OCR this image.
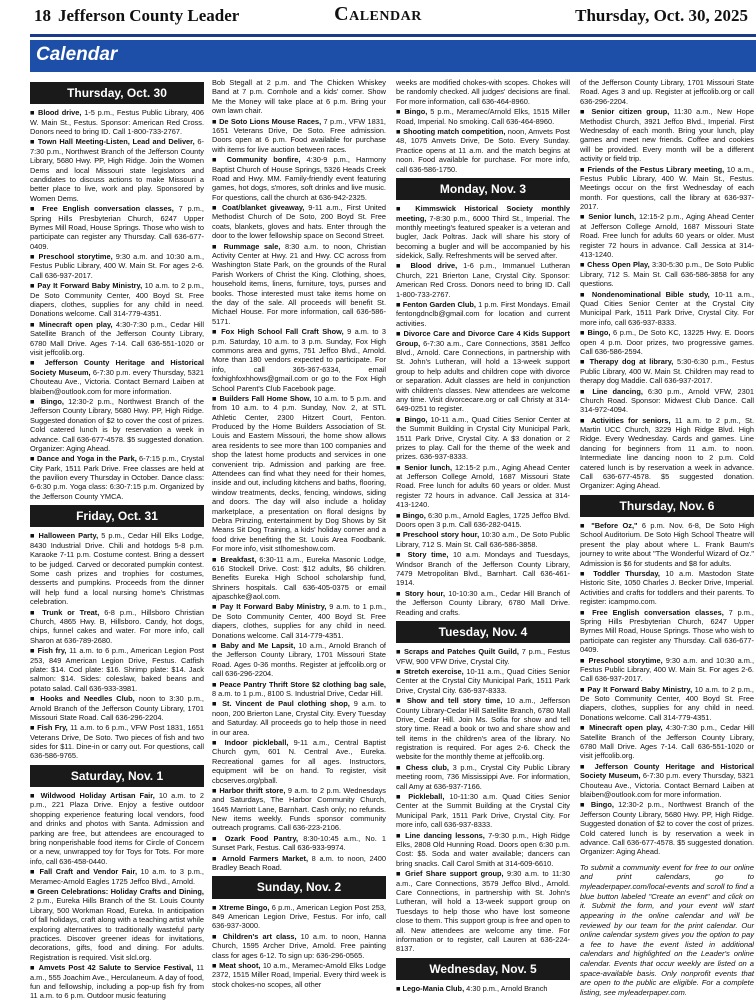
18 Jefferson County Leader	Calendar	Thursday, Oct. 30, 2025
Calendar
Thursday, Oct. 30

■ Blood drive, 1-5 p.m., Festus Public Library, 406 W. Main St., Festus. Sponsor: American Red Cross. Donors need to bring ID. Call 1-800-733-2767.

■ Town Hall Meeting-Listen, Lead and Deliver, 6-7:30 p.m., Northwest Branch of the Jefferson County Library, 5680 Hwy. PP, High Ridge. Join the Women Dems and local Missouri state legislators and candidates to discuss actions to make Missouri a better place to live, work and play. Sponsored by Women Dems.

■ Free English conversation classes, 7 p.m., Spring Hills Presbyterian Church, 6247 Upper Byrnes Mill Road, House Springs. Those who wish to participate can register any Thursday. Call 636-677-0409.

■ Preschool storytime, 9:30 a.m. and 10:30 a.m., Festus Public Library, 400 W. Main St. For ages 2-6. Call 636-937-2017.

■ Pay It Forward Baby Ministry, 10 a.m. to 2 p.m., De Soto Community Center, 400 Boyd St. Free diapers, clothes, supplies for any child in need. Donations welcome. Call 314-779-4351.

■ Minecraft open play, 4:30-7:30 p.m., Cedar Hill Satellite Branch of the Jefferson County Library, 6780 Mall Drive. Ages 7-14. Call 636-551-1020 or visit jeffcolib.org.

■ Jefferson County Heritage and Historical Society Museum, 6-7:30 p.m. every Thursday, 5321 Chouteau Ave., Victoria. Contact Bernard Laiben at blaiben@outlook.com for more information.

■ Bingo, 12:30-2 p.m., Northwest Branch of the Jefferson County Library, 5680 Hwy. PP, High Ridge. Suggested donation of $2 to cover the cost of prizes. Cold catered lunch is by reservation a week in advance. Call 636-677-4578. $5 suggested donation. Organizer: Aging Ahead.

■ Dance and Yoga in the Park, 6-7:15 p.m., Crystal City Park, 1511 Park Drive. Free classes are held at the pavilion every Thursday in October. Dance class: 6-6:30 p.m. Yoga class: 6:30-7:15 p.m. Organized by the Jefferson County YMCA.

Friday, Oct. 31

■ Halloween Party, 5 p.m., Cedar Hill Elks Lodge, 8430 Industrial Drive. Chili and hotdogs 5-8 p.m. Karaoke 7-11 p.m. Costume contest. Bring a dessert to be judged. Carved or decorated pumpkin contest. Some cash prizes and trophies for costumes, desserts and pumpkins. Proceeds from the dinner will help fund a local nursing home's Christmas celebration.

■ Trunk or Treat, 6-8 p.m., Hillsboro Christian Church, 4865 Hwy. B, Hillsboro. Candy, hot dogs, chips, funnel cakes and water. For more info, call Sharon at 636-789-2680.

■ Fish fry, 11 a.m. to 6 p.m., American Legion Post 253, 849 American Legion Drive, Festus. Catfish plate: $14. Cod plate: $16. Shrimp plate: $14. Jack salmon: $14. Sides: coleslaw, baked beans and potato salad. Call 636-933-3981.

■ Hooks and Needles Club, noon to 3:30 p.m., Arnold Branch of the Jefferson County Library, 1701 Missouri State Road. Call 636-296-2204.

■ Fish Fry, 11 a.m. to 6 p.m., VFW Post 1831, 1651 Veterans Drive, De Soto. Two pieces of fish and two sides for $11. Dine-in or carry out. For questions, call 636-586-9765.

Saturday, Nov. 1

■ Wildwood Holiday Artisan Fair, 10 a.m. to 2 p.m., 221 Plaza Drive. Enjoy a festive outdoor shopping experience featuring local vendors, food and drinks and photos with Santa. Admission and parking are free, but attendees are encouraged to bring nonperishable food items for Circle of Concern or a new, unwrapped toy for Toys for Tots. For more info, call 636-458-0440.

■ Fall Craft and Vendor Fair, 10 a.m. to 3 p.m., Meramec-Arnold Eagles 1725 Jeffco Blvd., Arnold.

■ Green Celebrations: Holiday Crafts and Dining, 2 p.m., Eureka Hills Branch of the St. Louis County Library, 500 Workman Road, Eureka. In anticipation of fall holidays, craft along with a teaching artist while exploring alternatives to traditionally wasteful party practices. Discover greener ideas for invitations, decorations, gifts, food and dining. For adults. Registration is required. Visit slcl.org.

■ Amvets Post 42 Salute to Service Festival, 11 a.m., 555 Joachim Ave., Herculaneum. A day of food, fun and fellowship, including a pop-up fish fry from 11 a.m. to 6 p.m. Outdoor music featuring

Bob Stegall at 2 p.m. and The Chicken Whiskey Band at 7 p.m. Cornhole and a kids' corner. Show Me the Money will take place at 6 p.m. Bring your own lawn chair.

■ De Soto Lions Mouse Races, 7 p.m., VFW 1831, 1651 Veterans Drive, De Soto. Free admission. Doors open at 6 p.m. Food available for purchase with items for live auction between races.

■ Community bonfire, 4:30-9 p.m., Harmony Baptist Church of House Springs, 5326 Heads Creek Road and Hwy. MM. Family-friendly event featuring games, hot dogs, s'mores, soft drinks and live music. For questions, call the church at 636-942-2325.

■ Coat/blanket giveaway, 9-11 a.m., First United Methodist Church of De Soto, 200 Boyd St. Free coats, blankets, gloves and hats. Enter through the door to the lower fellowship space on Second Street.

■ Rummage sale, 8:30 a.m. to noon, Christian Activity Center at Hwy. 21 and Hwy. CC across from Washington State Park, on the grounds of the Rural Parish Workers of Christ the King. Clothing, shoes, household items, linens, furniture, toys, purses and books. Those interested must take items home on the day of the sale. All proceeds will benefit St. Michael House. For more information, call 636-586-5171.

■ Fox High School Fall Craft Show, 9 a.m. to 3 p.m. Saturday, 10 a.m. to 3 p.m. Sunday, Fox High commons area and gyms, 751 Jeffco Blvd., Arnold. More than 180 vendors expected to participate. For info, call 365-367-6334, email foxhighfoxhhows@gmail.com or go to the Fox High School Parent's Club Facebook page.

■ Builders Fall Home Show, 10 a.m. to 5 p.m. and from 10 a.m. to 4 p.m. Sunday, Nov. 2, at STL Athletic Center, 2300 Hitzert Court, Fenton. Produced by the Home Builders Association of St. Louis and Eastern Missouri, the home show allows area residents to see more than 100 companies and shop the latest home products and services in one convenient trip. Admission and parking are free. Attendees can find what they need for their homes, inside and out, including kitchens and baths, flooring, window treatments, decks, fencing, windows, siding and doors. The day will also include a holiday marketplace, a presentation on floral designs by Debra Prinzing, entertainment by Dog Shows by Sit Means Sit Dog Training, a kids' holiday corner and a food drive benefiting the St. Louis Area Foodbank. For more info, visit stlhomeshow.com.

■ Breakfast, 6:30-11 a.m., Eureka Masonic Lodge, 616 Stockell Drive. Cost: $12 adults, $6 children. Benefits Eureka High School scholarship fund, Shriners hospitals. Call 636-405-0375 or email ajpaschke@aol.com.

■ Pay It Forward Baby Ministry, 9 a.m. to 1 p.m., De Soto Community Center, 400 Boyd St. Free diapers, clothes, supplies for any child in need. Donations welcome. Call 314-779-4351.

■ Baby and Me Lapsit, 10 a.m., Arnold Branch of the Jefferson County Library, 1701 Missouri State Road. Ages 0-36 months. Register at jeffcolib.org or call 636-296-2204.

■ Peace Pantry Thrift Store $2 clothing bag sale, 8 a.m. to 1 p.m., 8100 S. Industrial Drive, Cedar Hill.

■ St. Vincent de Paul clothing shop, 9 a.m. to noon, 200 Brierton Lane, Crystal City. Every Tuesday and Saturday. All proceeds go to help those in need in our area.

■ Indoor pickleball, 9-11 a.m., Central Baptist Church gym, 601 N. Central Ave., Eureka. Recreational games for all ages. Instructors, equipment will be on hand. To register, visit cbcserves.org/pball.

■ Harbor thrift store, 9 a.m. to 2 p.m. Wednesdays and Saturdays, The Harbor Community Church, 1645 Marriott Lane, Barnhart. Cash only; no refunds. New items weekly. Funds sponsor community outreach programs. Call 636-223-2106.

■ Ozark Food Pantry, 8:30-10:45 a.m., No. 1 Sunset Park, Festus. Call 636-933-9974.

■ Arnold Farmers Market, 8 a.m. to noon, 2400 Bradley Beach Road.

Sunday, Nov. 2

■ Xtreme Bingo, 6 p.m., American Legion Post 253, 849 American Legion Drive, Festus. For info, call 636-937-3000.

■ Children's art class, 10 a.m. to noon, Hanna Church, 1595 Archer Drive, Arnold. Free painting class for ages 6-12. To sign up: 636-296-0565.

■ Meat shoot, 10 a.m., Meramec-Arnold Elks Lodge 2372, 1515 Miller Road, Imperial. Every third week is stock chokes-no scopes, all other

weeks are modified chokes-with scopes. Chokes will be randomly checked. All judges' decisions are final. For more information, call 636-464-8960.

■ Bingo, 5 p.m., Meramec/Arnold Elks, 1515 Miller Road, Imperial. No smoking. Call 636-464-8960.

■ Shooting match competition, noon, Amvets Post 48, 1075 Amvets Drive, De Soto. Every Sunday. Practice opens at 11 a.m. and the match begins at noon. Food available for purchase. For more info, call 636-586-1750.

Monday, Nov. 3

■ Kimmswick Historical Society monthly meeting, 7-8:30 p.m., 6000 Third St., Imperial. The monthly meeting's featured speaker is a veteran and bugler, Jack Poltras. Jack will share his story of becoming a bugler and will be accompanied by his sidekick, Sally. Refreshments will be served after.

■ Blood drive, 1-6 p.m., Immanuel Lutheran Church, 221 Brierton Lane, Crystal City. Sponsor: American Red Cross. Donors need to bring ID. Call 1-800-733-2767.

■ Fenton Garden Club, 1 p.m. First Mondays. Email fentongdnclb@gmail.com for location and current activities.

■ Divorce Care and Divorce Care 4 Kids Support Group, 6-7:30 a.m., Care Connections, 3581 Jeffco Blvd., Arnold. Care Connections, in partnership with St. John's Lutheran, will hold a 13-week support group to help adults and children cope with divorce or separation. Adult classes are held in conjunction with children's classes. New attendees are welcome any time. Visit divorcecare.org or call Christy at 314-649-0251 to register.

■ Bingo, 10-11 a.m., Quad Cities Senior Center at the Summit Building in Crystal City Municipal Park, 1511 Park Drive, Crystal City. A $3 donation or 2 prizes to play. Call for the theme of the week and prizes. 636-937-8333.

■ Senior lunch, 12:15-2 p.m., Aging Ahead Center at Jefferson College Arnold, 1687 Missouri State Road. Free lunch for adults 60 years or older. Must register 72 hours in advance. Call Jessica at 314-413-1240.

■ Bingo, 6:30 p.m., Arnold Eagles, 1725 Jeffco Blvd. Doors open 3 p.m. Call 636-282-0415.

■ Preschool story hour, 10:30 a.m., De Soto Public Library, 712 S. Main St. Call 636-586-3858.

■ Story time, 10 a.m. Mondays and Tuesdays, Windsor Branch of the Jefferson County Library, 7479 Metropolitan Blvd., Barnhart. Call 636-461-1914.

■ Story hour, 10-10:30 a.m., Cedar Hill Branch of the Jefferson County Library, 6780 Mall Drive. Reading and crafts.

Tuesday, Nov. 4

■ Scraps and Patches Quilt Guild, 7 p.m., Festus VFW, 900 VFW Drive, Crystal City.

■ Stretch exercise, 10-11 a.m., Quad Cities Senior Center at the Crystal City Municipal Park, 1511 Park Drive, Crystal City. 636-937-8333.

■ Show and tell story time, 10 a.m., Jefferson County Library-Cedar Hill Satellite Branch, 6780 Mall Drive, Cedar Hill. Join Ms. Sofia for show and tell story time. Read a book or two and share show and tell items in the children's area of the library. No registration is required. For ages 2-6. Check the website for the monthly theme at jeffcolib.org.

■ Chess club, 3 p.m., Crystal City Public Library meeting room, 736 Mississippi Ave. For information, call Amy at 636-937-7166.

■ Pickleball, 10-11:30 a.m. Quad Cities Senior Center at the Summit Building at the Crystal City Municipal Park, 1511 Park Drive, Crystal City. For more info, call 636-937-8333.

■ Line dancing lessons, 7-9:30 p.m., High Ridge Elks, 2808 Old Hunning Road. Doors open 6:30 p.m. Cost: $5. Soda and water available; dancers can bring snacks. Call Carol Smith at 314-609-6610.

■ Grief Share support group, 9:30 a.m. to 11:30 a.m., Care Connections, 3579 Jeffco Blvd., Arnold. Care Connections, in partnership with St. John's Lutheran, will hold a 13-week support group on Tuesdays to help those who have lost someone close to them. This support group is free and open to all. New attendees are welcome any time. For information or to register, call Lauren at 636-224-8137.

Wednesday, Nov. 5

■ Lego-Mania Club, 4:30 p.m., Arnold Branch

of the Jefferson County Library, 1701 Missouri State Road. Ages 3 and up. Register at jeffcolib.org or call 636-296-2204.

■ Senior citizen group, 11:30 a.m., New Hope Methodist Church, 3921 Jeffco Blvd., Imperial. First Wednesday of each month. Bring your lunch, play games and meet new friends. Coffee and cookies will be provided. Every month will be a different activity or field trip.

■ Friends of the Festus Library meeting, 10 a.m., Festus Public Library, 400 W. Main St., Festus. Meetings occur on the first Wednesday of each month. For questions, call the library at 636-937-2017.

■ Senior lunch, 12:15-2 p.m., Aging Ahead Center at Jefferson College Arnold, 1687 Missouri State Road. Free lunch for adults 60 years or older. Must register 72 hours in advance. Call Jessica at 314-413-1240.

■ Chess Open Play, 3:30-5:30 p.m., De Soto Public Library, 712 S. Main St. Call 636-586-3858 for any questions.

■ Nondenominational Bible study, 10-11 a.m., Quad Cities Senior Center at the Crystal City Municipal Park, 1511 Park Drive, Crystal City. For more info, call 636-937-8333.

■ Bingo, 6 p.m., De Soto KC, 13225 Hwy. E. Doors open 4 p.m. Door prizes, two progressive games. Call 636-586-2594.

■ Therapy dog at library, 5:30-6:30 p.m., Festus Public Library, 400 W. Main St. Children may read to therapy dog Maddie. Call 636-937-2017.

■ Line dancing, 6:30 p.m., Arnold VFW, 2301 Church Road. Sponsor: Midwest Club Dance. Call 314-972-4094.

■ Activities for seniors, 11 a.m. to 2 p.m., St. Martin UCC Church, 3229 High Ridge Blvd. High Ridge. Every Wednesday. Cards and games. Line dancing for beginners from 11 a.m. to noon. Intermediate line dancing noon to 2 p.m. Cold catered lunch is by reservation a week in advance. Call 636-677-4578. $5 suggested donation. Organizer: Aging Ahead.

Thursday, Nov. 6

■ "Before Oz," 6 p.m. Nov. 6-8, De Soto High School Auditorium. De Soto High School Theatre will present the play about where L. Frank Baum's journey to write about "The Wonderful Wizard of Oz." Admission is $6 for students and $8 for adults.

■ Toddler Thursday, 10 a.m. Mastodon State Historic Site, 1050 Charles J. Becker Drive, Imperial. Activities and crafts for toddlers and their parents. To register: icampmo.com.

■ Free English conversation classes, 7 p.m., Spring Hills Presbyterian Church, 6247 Upper Byrnes Mill Road, House Springs. Those who wish to participate can register any Thursday. Call 636-677-0409.

■ Preschool storytime, 9:30 a.m. and 10:30 a.m., Festus Public Library, 400 W. Main St. For ages 2-6. Call 636-937-2017.

■ Pay It Forward Baby Ministry, 10 a.m. to 2 p.m., De Soto Community Center, 400 Boyd St. Free diapers, clothes, supplies for any child in need. Donations welcome. Call 314-779-4351.

■ Minecraft open play, 4:30-7:30 p.m., Cedar Hill Satellite Branch of the Jefferson County Library, 6780 Mall Drive. Ages 7-14. Call 636-551-1020 or visit jeffcolib.org.

■ Jefferson County Heritage and Historical Society Museum, 6-7:30 p.m. every Thursday, 5321 Chouteau Ave., Victoria. Contact Bernard Laiben at blaiben@outlook.com for more information.

■ Bingo, 12:30-2 p.m., Northwest Branch of the Jefferson County Library, 5680 Hwy. PP, High Ridge. Suggested donation of $2 to cover the cost of prizes. Cold catered lunch is by reservation a week in advance. Call 636-677-4578. $5 suggested donation. Organizer: Aging Ahead.

To submit a community event for free to our online and print calendars, go to myleaderpaper.com/local-events and scroll to find a blue button labeled "Create an event" and click on it. Submit the form, and your event will start appearing in the online calendar and will be reviewed by our team for the print calendar. Our online calendar system gives you the option to pay a fee to have the event listed in additional calendars and highlighted on the Leader's online calendar. Events that occur weekly are listed on a space-available basis. Only nonprofit events that are open to the public are eligible. For a complete listing, see myleaderpaper.com.
